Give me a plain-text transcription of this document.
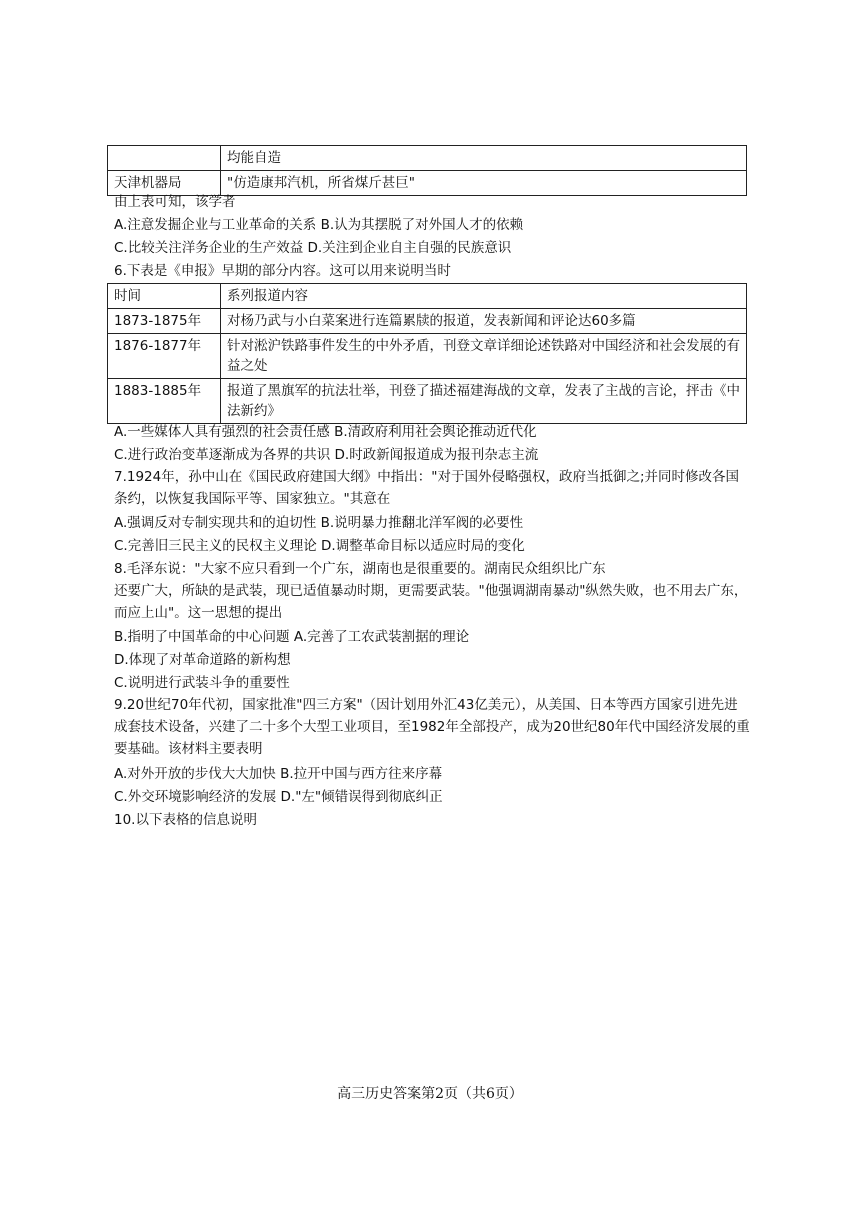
	均能自造
天津机器局	"仿造康邦汽机，所省煤斤甚巨"
由上表可知，该学者
A.注意发掘企业与工业革命的关系 B.认为其摆脱了对外国人才的依赖
C.比较关注洋务企业的生产效益 D.关注到企业自主自强的民族意识
6.下表是《申报》早期的部分内容。这可以用来说明当时
时间	系列报道内容
1873-1875年	对杨乃武与小白菜案进行连篇累牍的报道，发表新闻和评论达60多篇
1876-1877年	针对淞沪铁路事件发生的中外矛盾，刊登文章详细论述铁路对中国经济和社会发展的有益之处
1883-1885年	报道了黑旗军的抗法壮举，刊登了描述福建海战的文章，发表了主战的言论，抨击《中法新约》
A.一些媒体人具有强烈的社会责任感 B.清政府利用社会舆论推动近代化
C.进行政治变革逐渐成为各界的共识 D.时政新闻报道成为报刊杂志主流
7.1924年，孙中山在《国民政府建国大纲》中指出："对于国外侵略强权，政府当抵御之;并同时修改各国条约，以恢复我国际平等、国家独立。"其意在
A.强调反对专制实现共和的迫切性 B.说明暴力推翻北洋军阀的必要性
C.完善旧三民主义的民权主义理论 D.调整革命目标以适应时局的变化
8.毛泽东说："大家不应只看到一个广东，湖南也是很重要的。湖南民众组织比广东
还要广大，所缺的是武装，现已适值暴动时期，更需要武装。"他强调湖南暴动"纵然失败，也不用去广东，而应上山"。这一思想的提出
B.指明了中国革命的中心问题 A.完善了工农武装割据的理论
D.体现了对革命道路的新构想
C.说明进行武装斗争的重要性
9.20世纪70年代初，国家批准"四三方案"（因计划用外汇43亿美元），从美国、日本等西方国家引进先进成套技术设备，兴建了二十多个大型工业项目，至1982年全部投产，成为20世纪80年代中国经济发展的重要基础。该材料主要表明
A.对外开放的步伐大大加快 B.拉开中国与西方往来序幕
C.外交环境影响经济的发展 D."左"倾错误得到彻底纠正
10.以下表格的信息说明
高三历史答案第2页（共6页）
